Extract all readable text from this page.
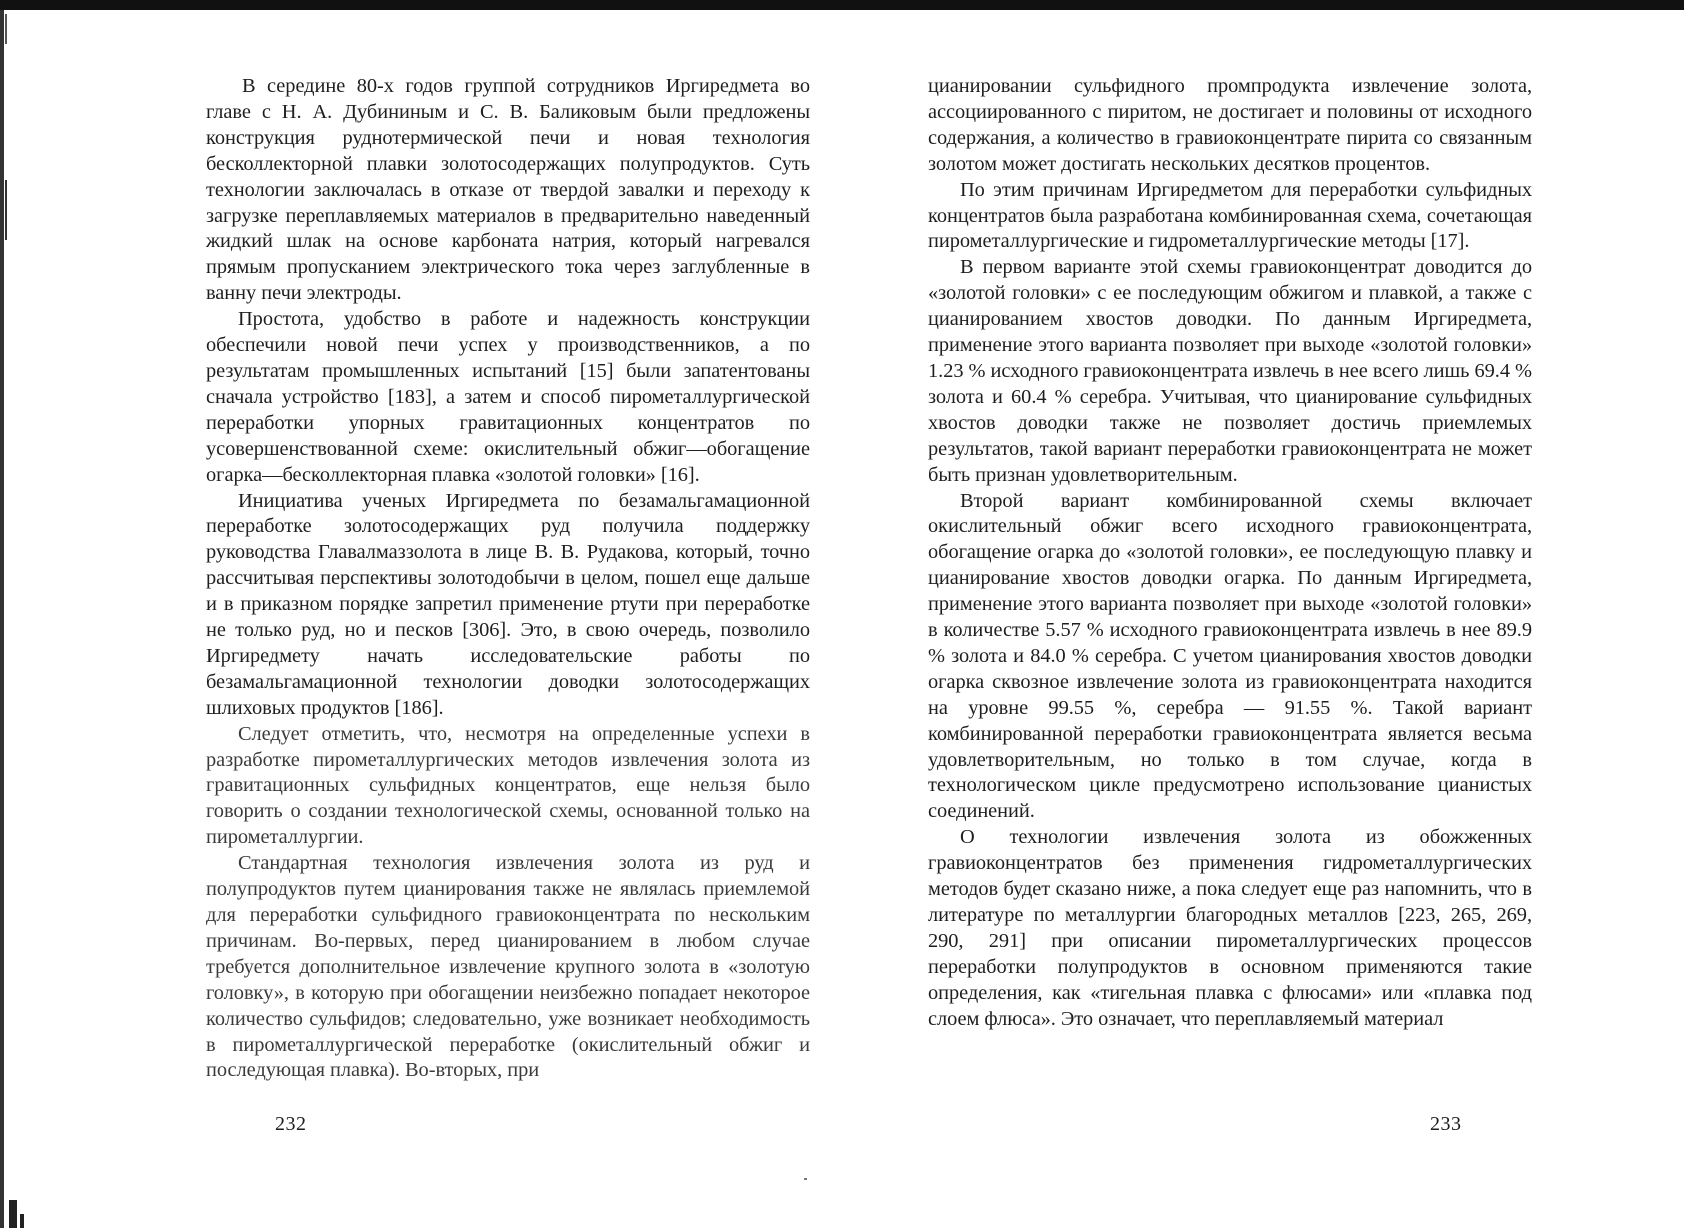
В середине 80-х годов группой сотрудников Иргиредмета во главе с Н. А. Дубининым и С. В. Баликовым были предложены конструкция руднотермической печи и новая технология бесколлекторной плавки золотосодержащих полупродуктов. Суть технологии заключалась в отказе от твердой завалки и переходу к загрузке переплавляемых материалов в предварительно наведенный жидкий шлак на основе карбоната натрия, который нагревался прямым пропусканием электрического тока через заглубленные в ванну печи электроды.

Простота, удобство в работе и надежность конструкции обеспечили новой печи успех у производственников, а по результатам промышленных испытаний [15] были запатентованы сначала устройство [183], а затем и способ пирометаллургической переработки упорных гравитационных концентратов по усовершенствованной схеме: окислительный обжиг—обогащение огарка—бесколлекторная плавка «золотой головки» [16].

Инициатива ученых Иргиредмета по безамальгамационной переработке золотосодержащих руд получила поддержку руководства Главалмаззолота в лице В. В. Рудакова, который, точно рассчитывая перспективы золотодобычи в целом, пошел еще дальше и в приказном порядке запретил применение ртути при переработке не только руд, но и песков [306]. Это, в свою очередь, позволило Иргиредмету начать исследовательские работы по безамальгамационной технологии доводки золотосодержащих шлиховых продуктов [186].

Следует отметить, что, несмотря на определенные успехи в разработке пирометаллургических методов извлечения золота из гравитационных сульфидных концентратов, еще нельзя было говорить о создании технологической схемы, основанной только на пирометаллургии.

Стандартная технология извлечения золота из руд и полупродуктов путем цианирования также не являлась приемлемой для переработки сульфидного гравиоконцентрата по нескольким причинам. Во-первых, перед цианированием в любом случае требуется дополнительное извлечение крупного золота в «золотую головку», в которую при обогащении неизбежно попадает некоторое количество сульфидов; следовательно, уже возникает необходимость в пирометаллургической переработке (окислительный обжиг и последующая плавка). Во-вторых, при

цианировании сульфидного промпродукта извлечение золота, ассоциированного с пиритом, не достигает и половины от исходного содержания, а количество в гравиоконцентрате пирита со связанным золотом может достигать нескольких десятков процентов.

По этим причинам Иргиредметом для переработки сульфидных концентратов была разработана комбинированная схема, сочетающая пирометаллургические и гидрометаллургические методы [17].

В первом варианте этой схемы гравиоконцентрат доводится до «золотой головки» с ее последующим обжигом и плавкой, а также с цианированием хвостов доводки. По данным Иргиредмета, применение этого варианта позволяет при выходе «золотой головки» 1.23 % исходного гравиоконцентрата извлечь в нее всего лишь 69.4 % золота и 60.4 % серебра. Учитывая, что цианирование сульфидных хвостов доводки также не позволяет достичь приемлемых результатов, такой вариант переработки гравиоконцентрата не может быть признан удовлетворительным.

Второй вариант комбинированной схемы включает окислительный обжиг всего исходного гравиоконцентрата, обогащение огарка до «золотой головки», ее последующую плавку и цианирование хвостов доводки огарка. По данным Иргиредмета, применение этого варианта позволяет при выходе «золотой головки» в количестве 5.57 % исходного гравиоконцентрата извлечь в нее 89.9 % золота и 84.0 % серебра. С учетом цианирования хвостов доводки огарка сквозное извлечение золота из гравиоконцентрата находится на уровне 99.55 %, серебра — 91.55 %. Такой вариант комбинированной переработки гравиоконцентрата является весьма удовлетворительным, но только в том случае, когда в технологическом цикле предусмотрено использование цианистых соединений.

О технологии извлечения золота из обожженных гравиоконцентратов без применения гидрометаллургических методов будет сказано ниже, а пока следует еще раз напомнить, что в литературе по металлургии благородных металлов [223, 265, 269, 290, 291] при описании пирометаллургических процессов переработки полупродуктов в основном применяются такие определения, как «тигельная плавка с флюсами» или «плавка под слоем флюса». Это означает, что переплавляемый материал

232	233
